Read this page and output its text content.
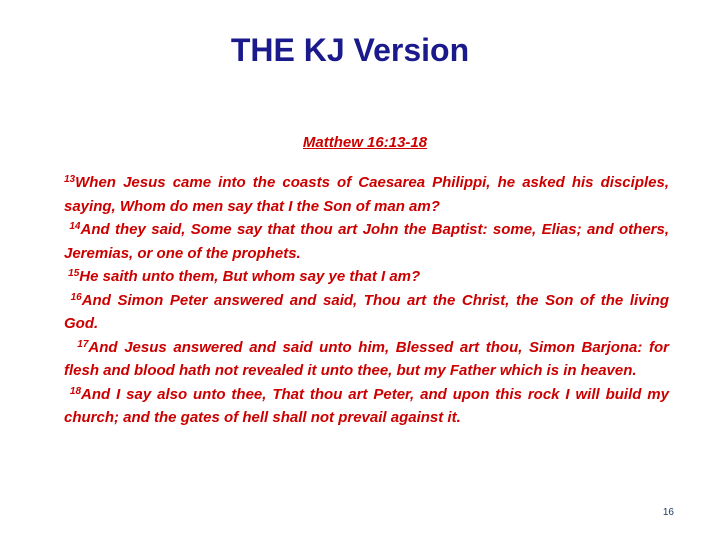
THE KJ Version
Matthew 16:13-18

$^{13}$When Jesus came into the coasts of Caesarea Philippi, he asked his disciples, saying, Whom do men say that I the Son of man am?

$^{14}$And they said, Some say that thou art John the Baptist: some, Elias; and others, Jeremias, or one of the prophets.

$^{15}$He saith unto them, But whom say ye that I am?

$^{16}$And Simon Peter answered and said, Thou art the Christ, the Son of the living God.

$^{17}$And Jesus answered and said unto him, Blessed art thou, Simon Barjona: for flesh and blood hath not revealed it unto thee, but my Father which is in heaven.

$^{18}$And I say also unto thee, That thou art Peter, and upon this rock I will build my church; and the gates of hell shall not prevail against it.

16
